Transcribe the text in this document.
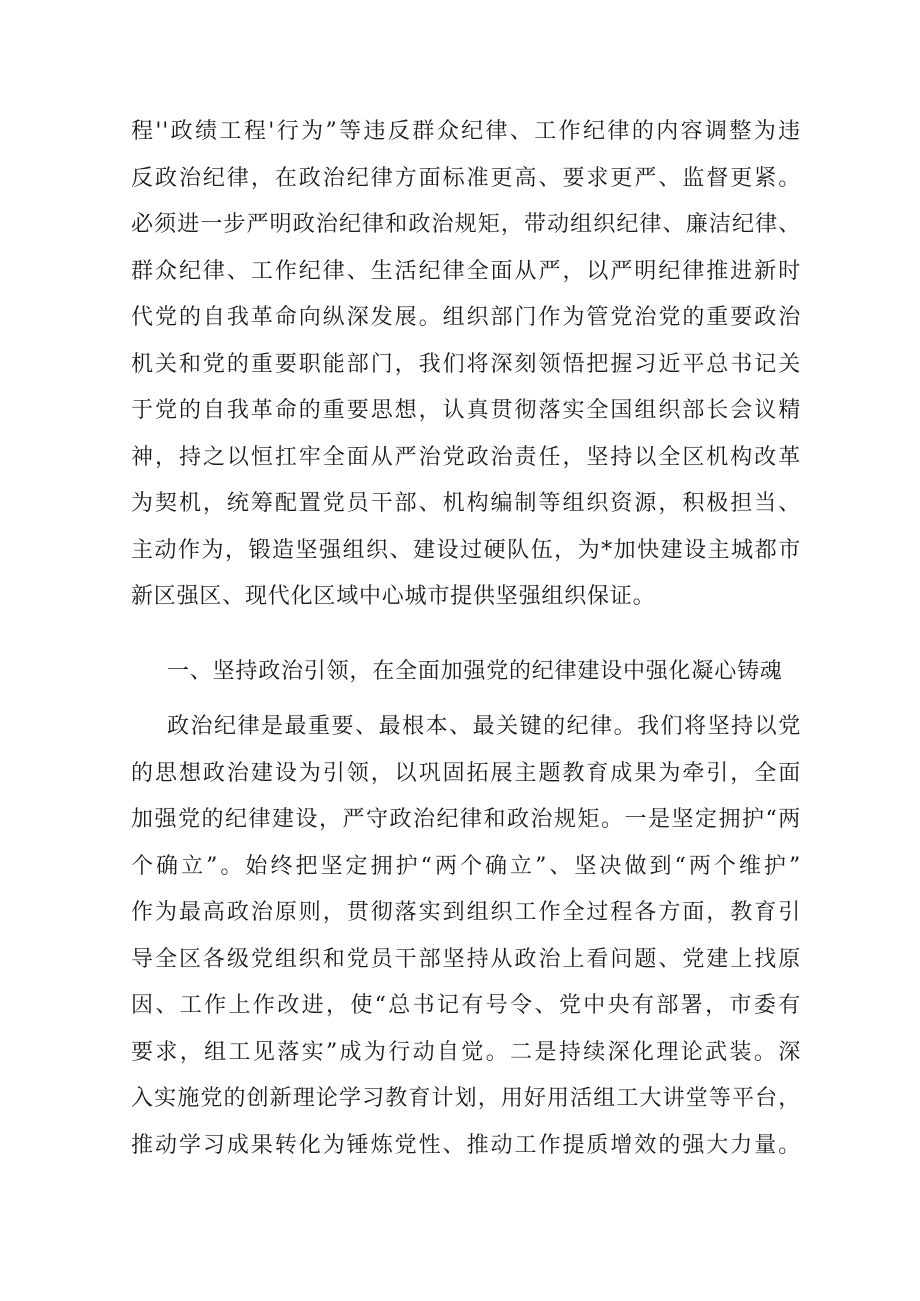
程''政绩工程'行为”等违反群众纪律、工作纪律的内容调整为违
反政治纪律，在政治纪律方面标准更高、要求更严、监督更紧。
必须进一步严明政治纪律和政治规矩，带动组织纪律、廉洁纪律、
群众纪律、工作纪律、生活纪律全面从严，以严明纪律推进新时
代党的自我革命向纵深发展。组织部门作为管党治党的重要政治
机关和党的重要职能部门，我们将深刻领悟把握习近平总书记关
于党的自我革命的重要思想，认真贯彻落实全国组织部长会议精
神，持之以恒扛牢全面从严治党政治责任，坚持以全区机构改革
为契机，统筹配置党员干部、机构编制等组织资源，积极担当、
主动作为，锻造坚强组织、建设过硬队伍，为*加快建设主城都市
新区强区、现代化区域中心城市提供坚强组织保证。
一、坚持政治引领，在全面加强党的纪律建设中强化凝心铸魂
政治纪律是最重要、最根本、最关键的纪律。我们将坚持以党
的思想政治建设为引领，以巩固拓展主题教育成果为牵引，全面
加强党的纪律建设，严守政治纪律和政治规矩。一是坚定拥护“两
个确立”。始终把坚定拥护“两个确立”、坚决做到“两个维护”
作为最高政治原则，贯彻落实到组织工作全过程各方面，教育引
导全区各级党组织和党员干部坚持从政治上看问题、党建上找原
因、工作上作改进，使“总书记有号令、党中央有部署，市委有
要求，组工见落实”成为行动自觉。二是持续深化理论武装。深
入实施党的创新理论学习教育计划，用好用活组工大讲堂等平台，
推动学习成果转化为锤炼党性、推动工作提质增效的强大力量。
